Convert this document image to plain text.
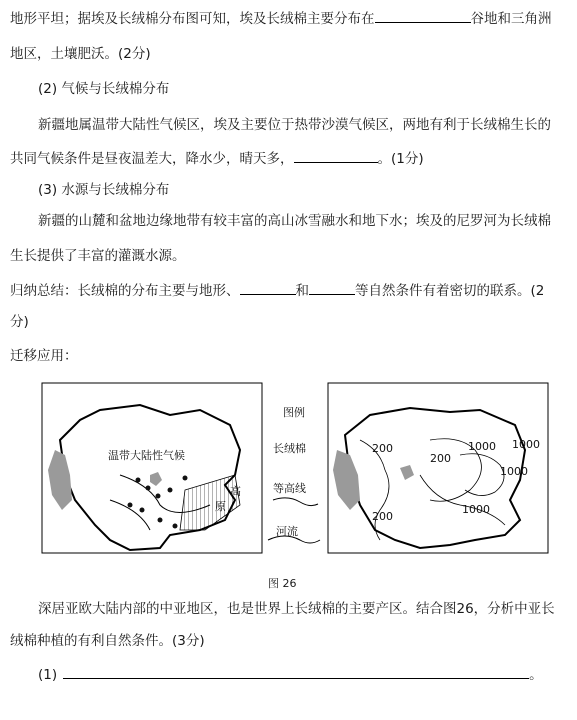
地形平坦；据埃及长绒棉分布图可知，埃及长绒棉主要分布在	谷地和三角洲
地区，土壤肥沃。(2分)
(2) 气候与长绒棉分布
新疆地属温带大陆性气候区，埃及主要位于热带沙漠气候区，两地有利于长绒棉生长的
共同气候条件是昼夜温差大，降水少，晴天多，	。(1分)
(3) 水源与长绒棉分布
新疆的山麓和盆地边缘地带有较丰富的高山冰雪融水和地下水；埃及的尼罗河为长绒棉
生长提供了丰富的灌溉水源。
归纳总结：长绒棉的分布主要与地形、	和	等自然条件有着密切的联系。(2
分)
迁移应用：
温带大陆性气候
高
原
图例
长绒棉
等高线
河流
200
200
1000 1000
1000
1000
200
图 26
深居亚欧大陆内部的中亚地区，也是世界上长绒棉的主要产区。结合图26，分析中亚长
绒棉种植的有利自然条件。(3分)
(1)	。
